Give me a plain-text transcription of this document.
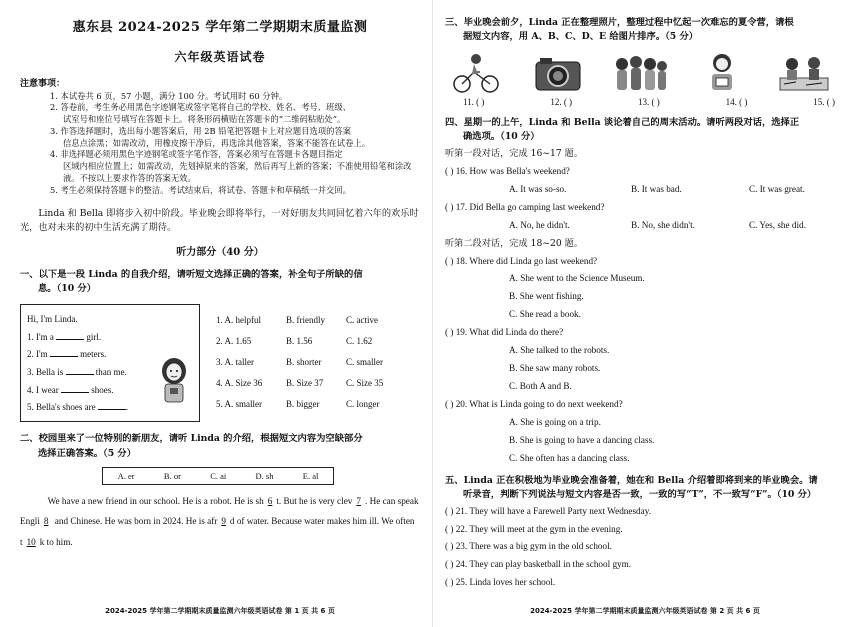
惠东县 2024-2025 学年第二学期期末质量监测
六年级英语试卷
注意事项：
1. 本试卷共 6 页，57 小题，满分 100 分。考试用时 60 分钟。
2. 答卷前，考生务必用黑色字迹钢笔或签字笔将自己的学校、姓名、考号、班级、
试室号和座位号填写在答题卡上。将条形码横贴在答题卡的“二维码粘贴处”。
3. 作答选择题时，选出每小题答案后，用 2B 铅笔把答题卡上对应题目选项的答案
信息点涂黑；如需改动，用橡皮擦干净后，再选涂其他答案，答案不能答在试卷上。
4. 非选择题必须用黑色字迹钢笔或签字笔作答，答案必须写在答题卡各题目指定
区域内相应位置上；如需改动，先划掉原来的答案，然后再写上新的答案；不准使用铅笔和涂改液。不按以上要求作答的答案无效。
5. 考生必须保持答题卡的整洁。考试结束后，将试卷、答题卡和草稿纸一并交回。
Linda 和 Bella 即将步入初中阶段。毕业晚会即将举行，一对好朋友共同回忆着六年的欢乐时光，也对未来的初中生活充满了期待。
听力部分（40 分）
一、以下是一段 Linda 的自我介绍，请听短文选择正确的答案，补全句子所缺的信
息。（10 分）
Hi, I'm Linda.
1. I'm a	girl.
2. I'm	meters.
3. Bella is	than me.
4. I wear	shoes.
5. Bella's shoes are	.
1. A. helpful	B. friendly	C. active
2. A. 1.65	B. 1.56	C. 1.62
3. A. taller	B. shorter	C. smaller
4. A. Size 36	B. Size 37	C. Size 35
5. A. smaller	B. bigger	C. longer
二、校园里来了一位特别的新朋友，请听 Linda 的介绍，根据短文内容为空缺部分
选择正确答案。（5 分）
A. er	B. or	C. ai	D. sh	E. al
We have a new friend in our school. He is a robot. He is sh 6 t. But he is very clev 7 . He can speak Engli 8 and Chinese. He was born in 2024. He is afr 9 d of water. Because water makes him ill. We often t 10 k to him.
2024-2025 学年第二学期期末质量监测六年级英语试卷 第 1 页 共 6 页
三、毕业晚会前夕，Linda 正在整理照片，整理过程中忆起一次难忘的夏令营，请根
据短文内容，用 A、B、C、D、E 给图片排序。（5 分）
11. ( )	12. ( )	13. ( )	14. ( )	15. ( )
四、星期一的上午，Linda 和 Bella 谈论着自己的周末活动。请听两段对话，选择正
确选项。（10 分）
听第一段对话，完成 16~17 题。
( ) 16. How was Bella's weekend?
A. It was so-so.	B. It was bad.	C. It was great.
( ) 17. Did Bella go camping last weekend?
A. No, he didn't.	B. No, she didn't.	C. Yes, she did.
听第二段对话，完成 18~20 题。
( ) 18. Where did Linda go last weekend?
A. She went to the Science Museum.
B. She went fishing.
C. She read a book.
( ) 19. What did Linda do there?
A. She talked to the robots.
B. She saw many robots.
C. Both A and B.
( ) 20. What is Linda going to do next weekend?
A. She is going on a trip.
B. She is going to have a dancing class.
C. She often has a dancing class.
五、Linda 正在积极地为毕业晚会准备着，她在和 Bella 介绍着即将到来的毕业晚会。请
听录音，判断下列说法与短文内容是否一致，一致的写“T”，不一致写“F”。（10 分）
( ) 21. They will have a Farewell Party next Wednesday.
( ) 22. They will meet at the gym in the evening.
( ) 23. There was a big gym in the old school.
( ) 24. They can play basketball in the school gym.
( ) 25. Linda loves her school.
2024-2025 学年第二学期期末质量监测六年级英语试卷 第 2 页 共 6 页
